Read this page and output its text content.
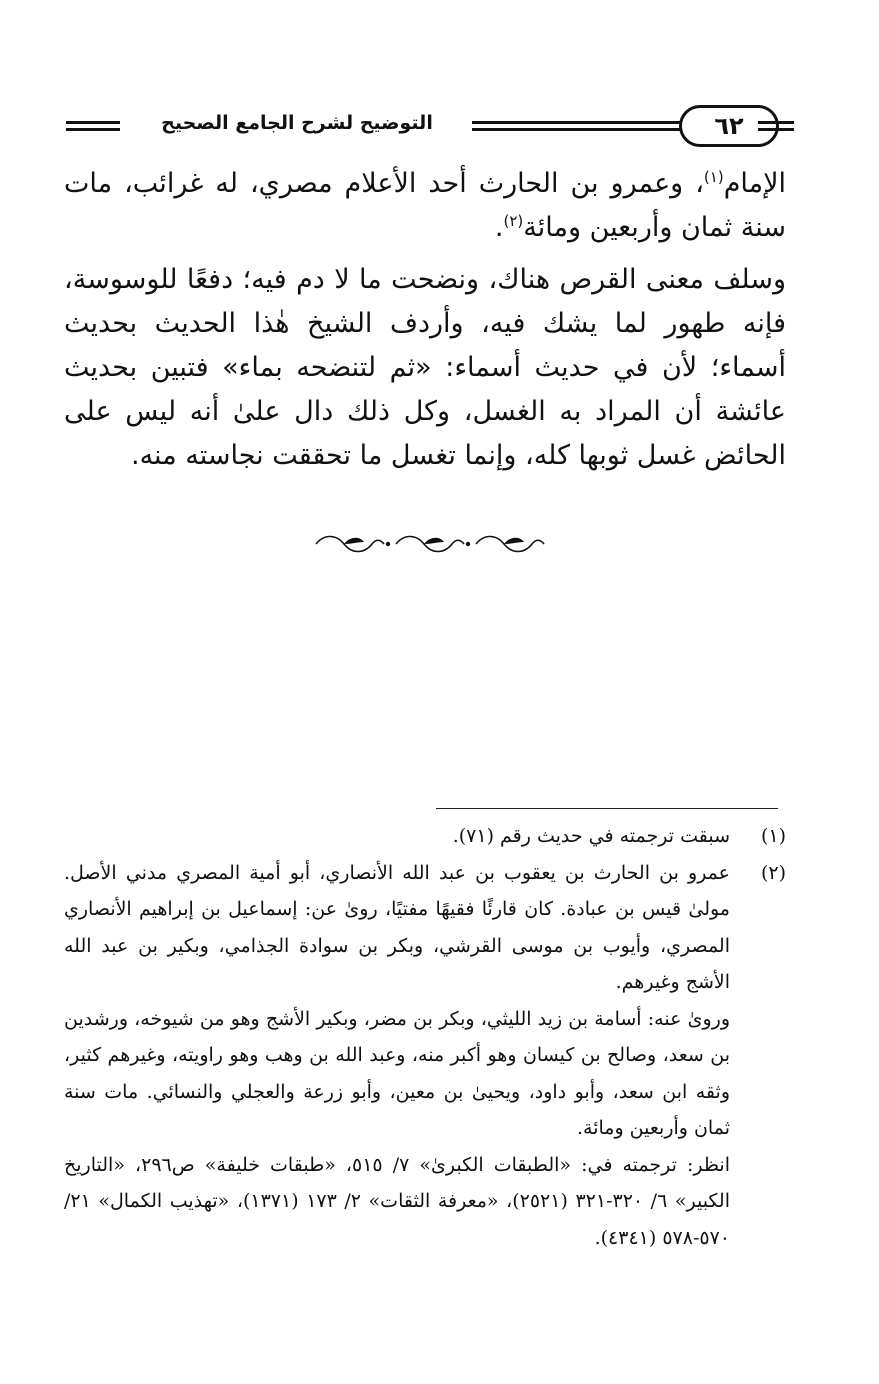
التوضيح لشرح الجامع الصحيح	٦٢

الإمام$^{(١)}$، وعمرو بن الحارث أحد الأعلام مصري، له غرائب، مات سنة ثمان وأربعين ومائة$^{(٢)}$.

وسلف معنى القرص هناك، ونضحت ما لا دم فيه؛ دفعًا للوسوسة، فإنه طهور لما يشك فيه، وأردف الشيخ هٰذا الحديث بحديث أسماء؛ لأن في حديث أسماء: «ثم لتنضحه بماء» فتبين بحديث عائشة أن المراد به الغسل، وكل ذلك دال علىٰ أنه ليس على الحائض غسل ثوبها كله، وإنما تغسل ما تحققت نجاسته منه.

(١)

سبقت ترجمته في حديث رقم (٧١).

(٢)

عمرو بن الحارث بن يعقوب بن عبد الله الأنصاري، أبو أمية المصري مدني الأصل. مولىٰ قيس بن عبادة. كان قارئًا فقيهًا مفتيًا، روىٰ عن: إسماعيل بن إبراهيم الأنصاري المصري، وأيوب بن موسى القرشي، وبكر بن سوادة الجذامي، وبكير بن عبد الله الأشج وغيرهم.

وروىٰ عنه: أسامة بن زيد الليثي، وبكر بن مضر، وبكير الأشج وهو من شيوخه، ورشدين بن سعد، وصالح بن كيسان وهو أكبر منه، وعبد الله بن وهب وهو راويته، وغيرهم كثير، وثقه ابن سعد، وأبو داود، ويحيىٰ بن معين، وأبو زرعة والعجلي والنسائي. مات سنة ثمان وأربعين ومائة.

انظر: ترجمته في: «الطبقات الكبرىٰ» ٧/ ٥١٥، «طبقات خليفة» ص٢٩٦، «التاريخ الكبير» ٦/ ٣٢٠-٣٢١ (٢٥٢١)، «معرفة الثقات» ٢/ ١٧٣ (١٣٧١)، «تهذيب الكمال» ٢١/ ٥٧٠-٥٧٨ (٤٣٤١).
